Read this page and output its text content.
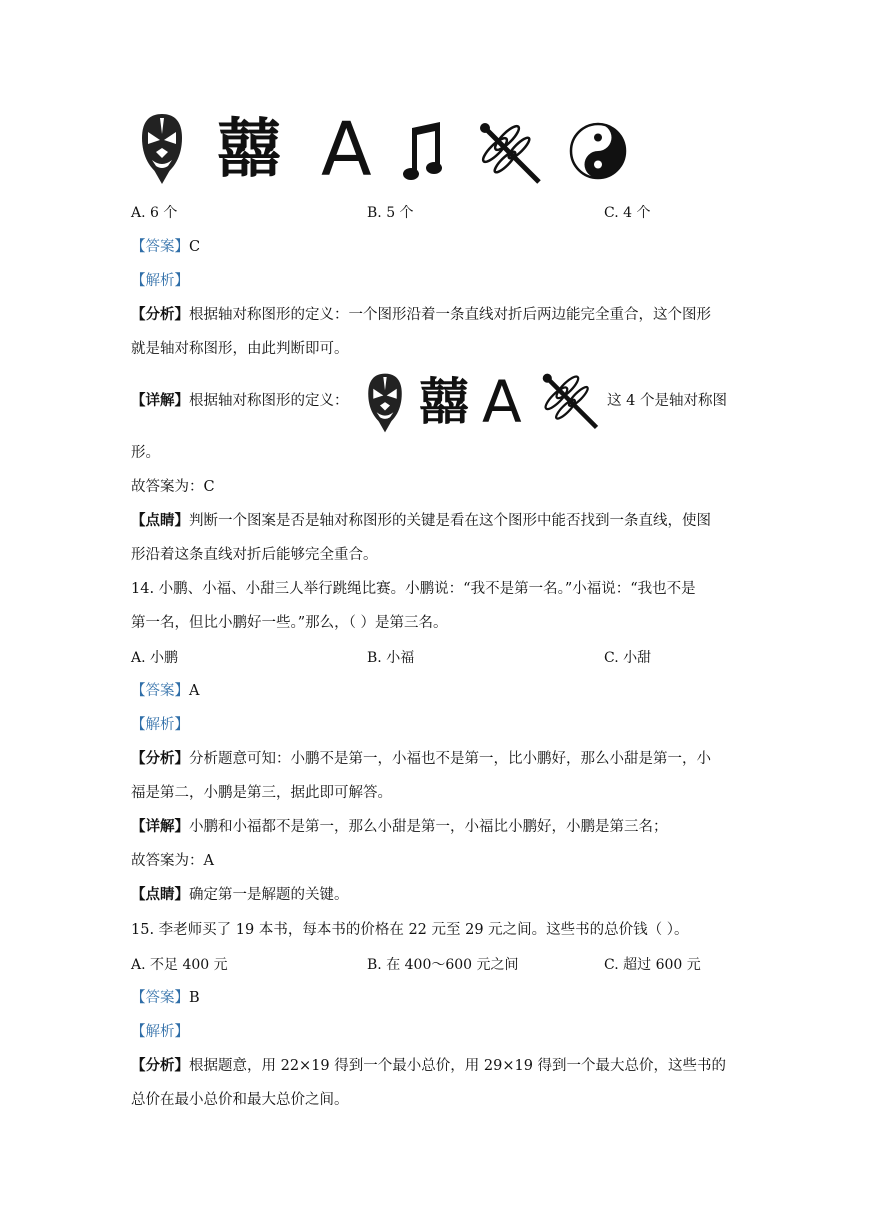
囍 A
A. 6 个	B. 5 个	C. 4 个
【答案】C
【解析】
【分析】根据轴对称图形的定义：一个图形沿着一条直线对折后两边能完全重合，这个图形
就是轴对称图形，由此判断即可。
【详解】根据轴对称图形的定义： 囍 A	这 4 个是轴对称图
形。
故答案为：C
【点睛】判断一个图案是否是轴对称图形的关键是看在这个图形中能否找到一条直线，使图
形沿着这条直线对折后能够完全重合。
14. 小鹏、小福、小甜三人举行跳绳比赛。小鹏说：“我不是第一名。”小福说：“我也不是
第一名，但比小鹏好一些。”那么，（ ）是第三名。
A. 小鹏	B. 小福	C. 小甜
【答案】A
【解析】
【分析】分析题意可知：小鹏不是第一，小福也不是第一，比小鹏好，那么小甜是第一，小
福是第二，小鹏是第三，据此即可解答。
【详解】小鹏和小福都不是第一，那么小甜是第一，小福比小鹏好，小鹏是第三名；
故答案为：A
【点睛】确定第一是解题的关键。
15. 李老师买了 19 本书，每本书的价格在 22 元至 29 元之间。这些书的总价钱（ ）。
A. 不足 400 元	B. 在 400～600 元之间	C. 超过 600 元
【答案】B
【解析】
【分析】根据题意，用 22×19 得到一个最小总价，用 29×19 得到一个最大总价，这些书的
总价在最小总价和最大总价之间。
